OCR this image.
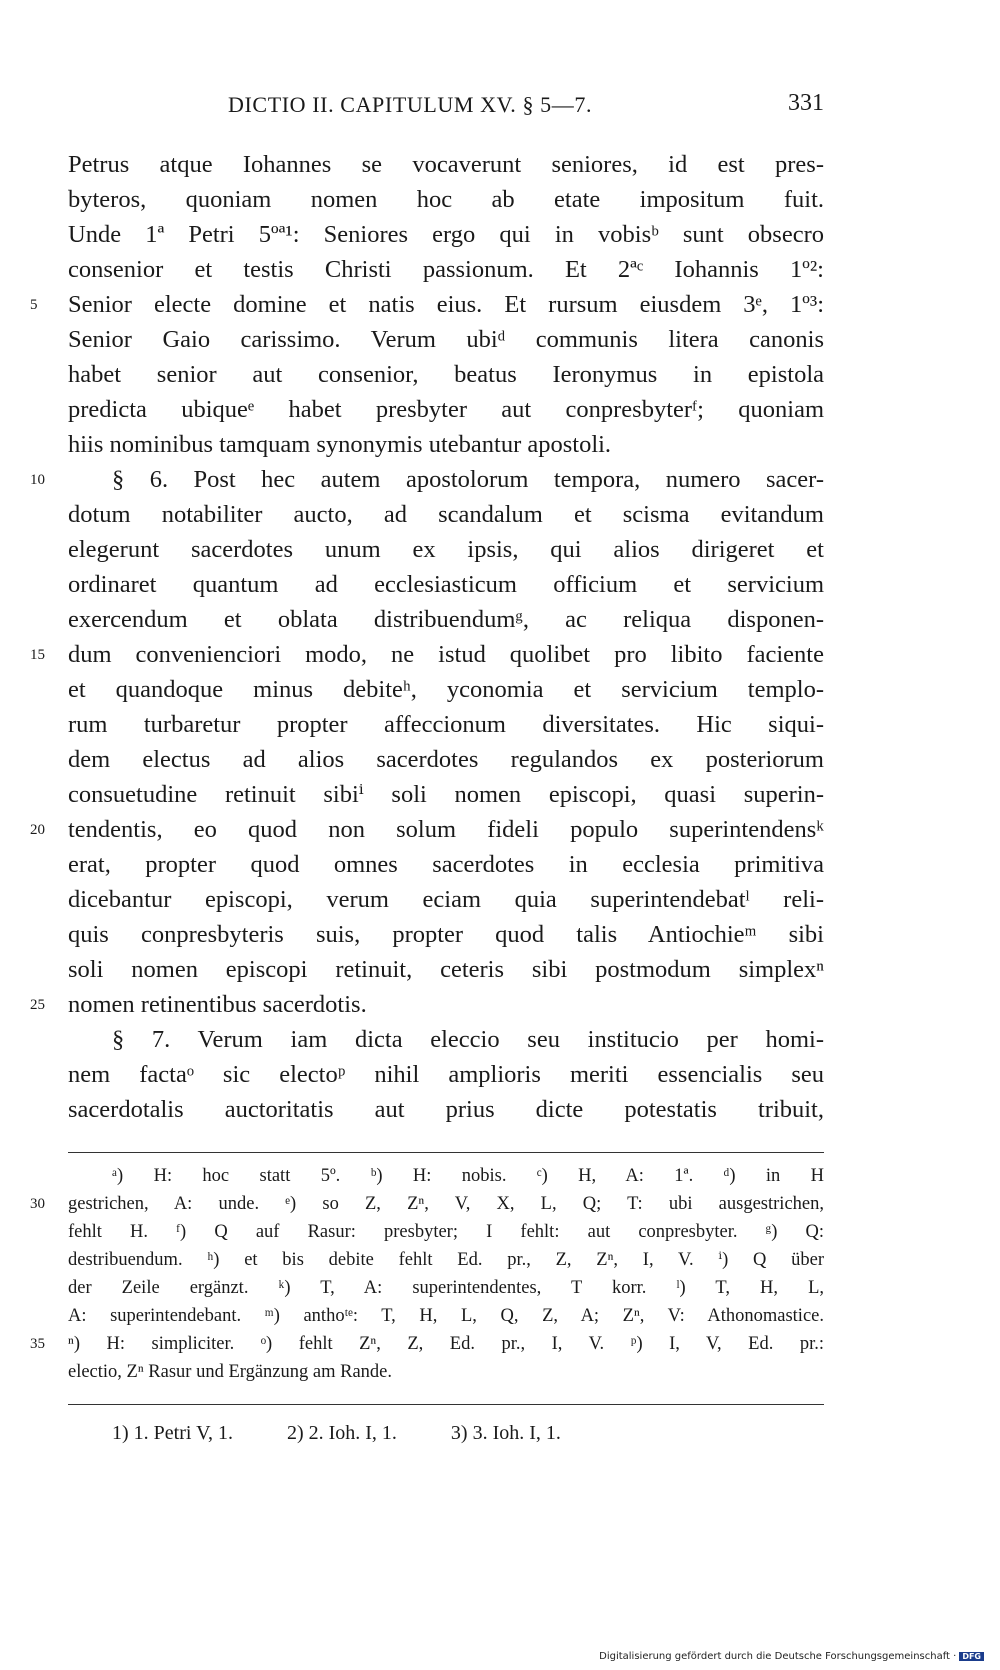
DICTIO II. CAPITULUM XV. § 5—7.	331
Petrus atque Iohannes se vocaverunt seniores, id est pres-
byteros, quoniam nomen hoc ab etate impositum fuit.
Unde 1ª Petri 5ºª¹: Seniores ergo qui in vobisᵇ sunt obsecro
consenior et testis Christi passionum. Et 2ªᶜ Iohannis 1º²:
5	Senior electe domine et natis eius. Et rursum eiusdem 3ᵉ, 1º³:
Senior Gaio carissimo. Verum ubiᵈ communis litera canonis
habet senior aut consenior, beatus Ieronymus in epistola
predicta ubiqueᵉ habet presbyter aut conpresbyterᶠ; quoniam
hiis nominibus tamquam synonymis utebantur apostoli.
10	§ 6. Post hec autem apostolorum tempora, numero sacer-
dotum notabiliter aucto, ad scandalum et scisma evitandum
elegerunt sacerdotes unum ex ipsis, qui alios dirigeret et
ordinaret quantum ad ecclesiasticum officium et servicium
exercendum et oblata distribuendumᵍ, ac reliqua disponen-
15 dum convenienciori modo, ne istud quolibet pro libito faciente
et quandoque minus debiteʰ, yconomia et servicium templo-
rum turbaretur propter affeccionum diversitates. Hic siqui-
dem electus ad alios sacerdotes regulandos ex posteriorum
consuetudine retinuit sibiⁱ soli nomen episcopi, quasi superin-
20 tendentis, eo quod non solum fideli populo superintendensᵏ
erat, propter quod omnes sacerdotes in ecclesia primitiva
dicebantur episcopi, verum eciam quia superintendebatˡ reli-
quis conpresbyteris suis, propter quod talis Antiochieᵐ sibi
soli nomen episcopi retinuit, ceteris sibi postmodum simplexⁿ
25 nomen retinentibus sacerdotis.
§ 7. Verum iam dicta eleccio seu institucio per homi-
nem factaᵒ sic electoᵖ nihil amplioris meriti essencialis seu
sacerdotalis auctoritatis aut prius dicte potestatis tribuit,
ᵃ) H: hoc statt 5º. ᵇ) H: nobis. ᶜ) H, A: 1ª. ᵈ) in H
30	gestrichen, A: unde. ᵉ) so Z, Zⁿ, V, X, L, Q; T: ubi ausgestrichen,
fehlt H. ᶠ) Q auf Rasur: presbyter; I fehlt: aut conpresbyter. ᵍ) Q:
destribuendum. ʰ) et bis debite fehlt Ed. pr., Z, Zⁿ, I, V. ⁱ) Q über
der Zeile ergänzt. ᵏ) T, A: superintendentes, T korr. ˡ) T, H, L,
A: superintendebant. ᵐ) anthoᵗᵉ: T, H, L, Q, Z, A; Zⁿ, V: Athonomastice.
35	ⁿ) H: simpliciter. ᵒ) fehlt Zⁿ, Z, Ed. pr., I, V. ᵖ) I, V, Ed. pr.:
electio, Zⁿ Rasur und Ergänzung am Rande.
1) 1. Petri V, 1.	2) 2. Ioh. I, 1.	3) 3. Ioh. I, 1.
Digitalisierung gefördert durch die Deutsche Forschungsgemeinschaft · DFG
